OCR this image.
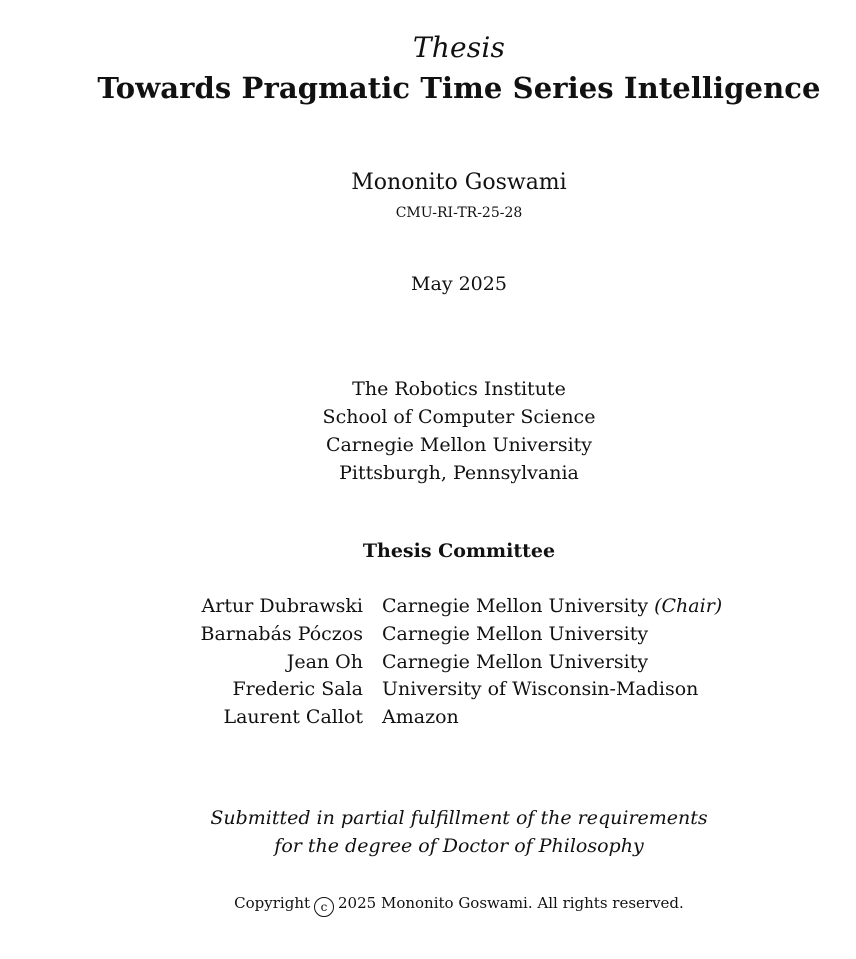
Thesis
Towards Pragmatic Time Series Intelligence
Mononito Goswami
CMU-RI-TR-25-28
May 2025
The Robotics Institute
School of Computer Science
Carnegie Mellon University
Pittsburgh, Pennsylvania
Thesis Committee
Artur Dubrawski	Carnegie Mellon University (Chair)
Barnabás Póczos	Carnegie Mellon University
Jean Oh	Carnegie Mellon University
Frederic Sala	University of Wisconsin-Madison
Laurent Callot	Amazon
Submitted in partial fulfillment of the requirements
for the degree of Doctor of Philosophy
Copyright c 2025 Mononito Goswami. All rights reserved.
